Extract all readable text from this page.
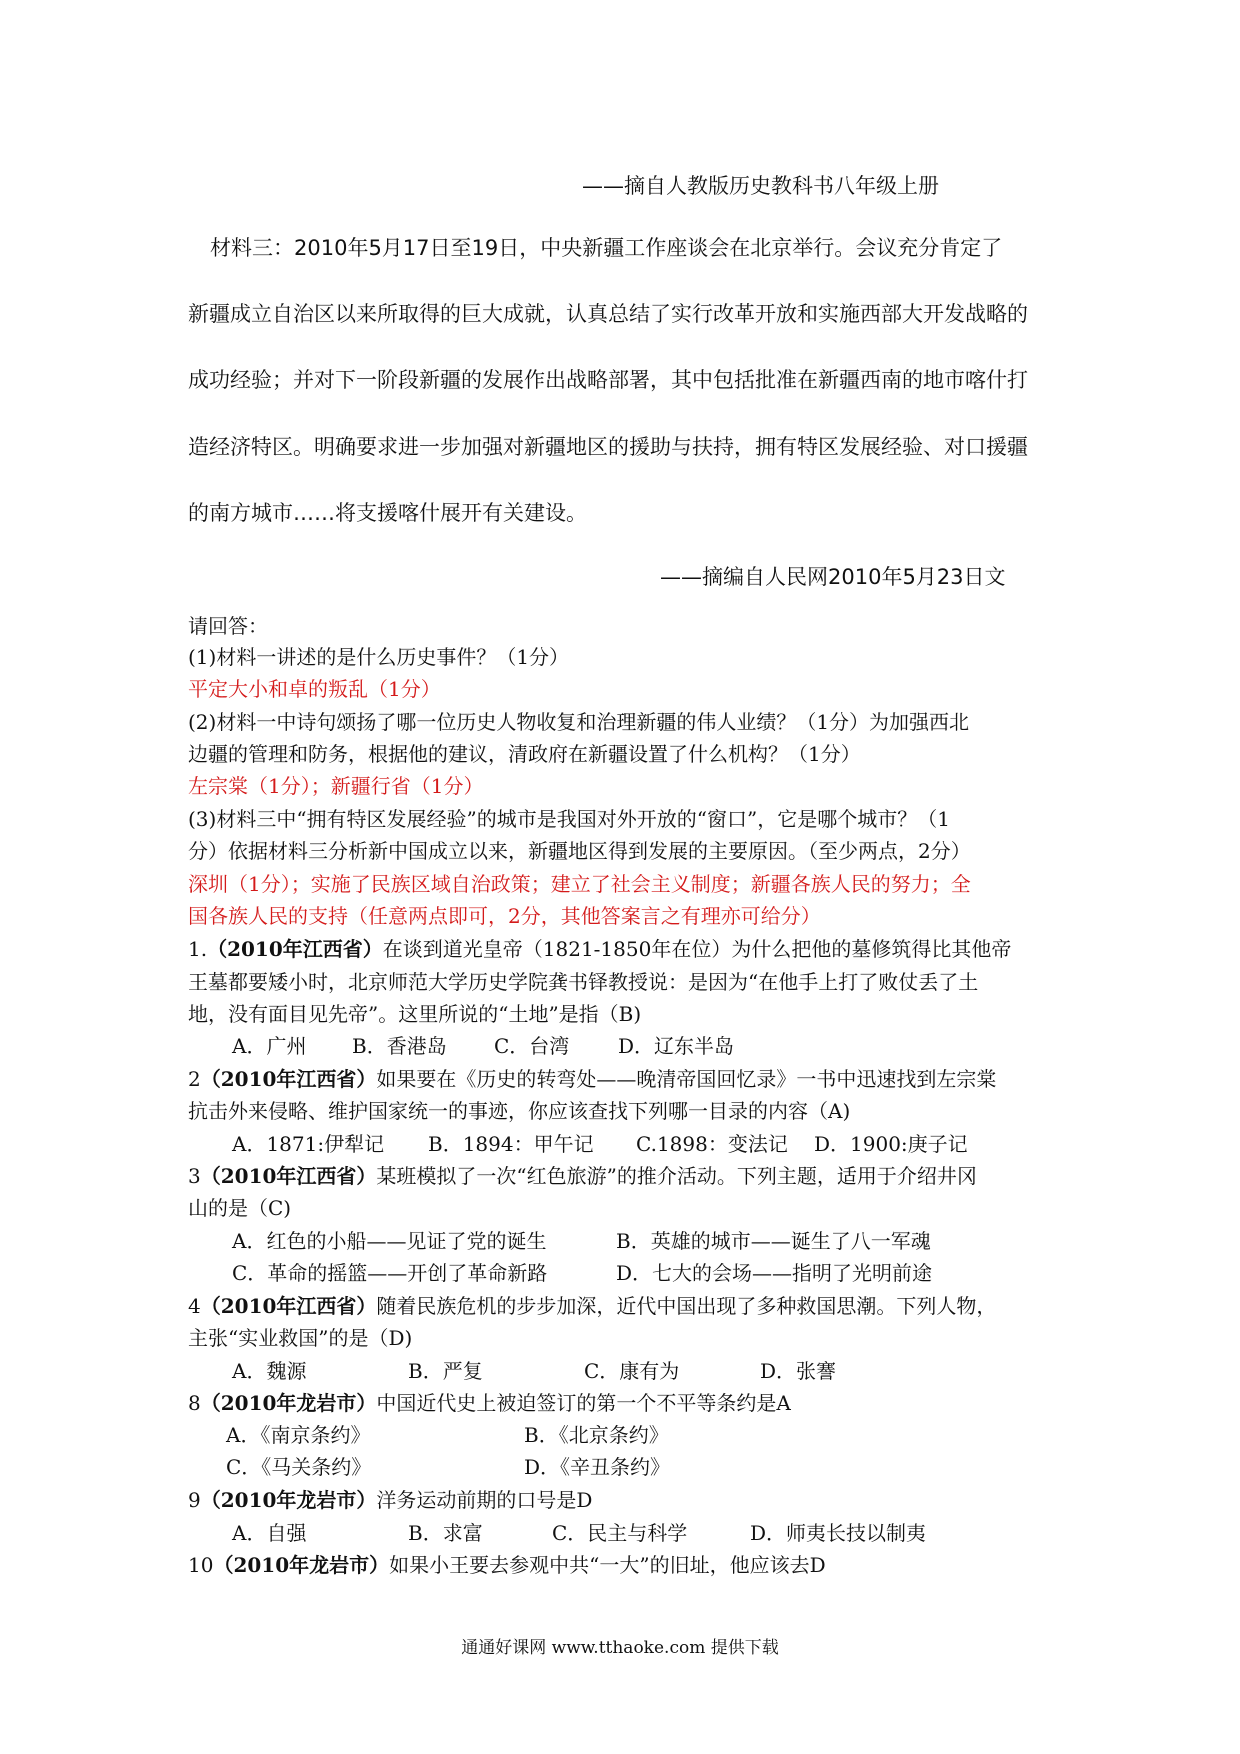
——摘自人教版历史教科书八年级上册
材料三：2010年5月17日至19日，中央新疆工作座谈会在北京举行。会议充分肯定了
新疆成立自治区以来所取得的巨大成就，认真总结了实行改革开放和实施西部大开发战略的
成功经验；并对下一阶段新疆的发展作出战略部署，其中包括批准在新疆西南的地市喀什打
造经济特区。明确要求进一步加强对新疆地区的援助与扶持，拥有特区发展经验、对口援疆
的南方城市……将支援喀什展开有关建设。
——摘编自人民网2010年5月23日文
请回答：
(1)材料一讲述的是什么历史事件？（1分）
平定大小和卓的叛乱（1分）
(2)材料一中诗句颂扬了哪一位历史人物收复和治理新疆的伟人业绩？（1分）为加强西北
边疆的管理和防务，根据他的建议，清政府在新疆设置了什么机构？（1分）
左宗棠（1分）；新疆行省（1分）
(3)材料三中“拥有特区发展经验”的城市是我国对外开放的“窗口”，它是哪个城市？（1
分）依据材料三分析新中国成立以来，新疆地区得到发展的主要原因。（至少两点，2分）
深圳（1分）；实施了民族区域自治政策；建立了社会主义制度；新疆各族人民的努力；全
国各族人民的支持（任意两点即可，2分，其他答案言之有理亦可给分）
1.（2010年江西省）在谈到道光皇帝（1821-1850年在位）为什么把他的墓修筑得比其他帝
王墓都要矮小时，北京师范大学历史学院龚书铎教授说：是因为“在他手上打了败仗丢了土
地，没有面目见先帝”。这里所说的“土地”是指（B)
A．广州 B．香港岛 C．台湾 D．辽东半岛
2（2010年江西省）如果要在《历史的转弯处——晚清帝国回忆录》一书中迅速找到左宗棠
抗击外来侵略、维护国家统一的事迹，你应该查找下列哪一目录的内容（A)
A．1871:伊犁记 B．1894：甲午记 C.1898：变法记 D．1900:庚子记
3（2010年江西省）某班模拟了一次“红色旅游”的推介活动。下列主题，适用于介绍井冈
山的是（C)
A．红色的小船——见证了党的诞生	B．英雄的城市——诞生了八一军魂
C．革命的摇篮——开创了革命新路	D．七大的会场——指明了光明前途
4（2010年江西省）随着民族危机的步步加深，近代中国出现了多种救国思潮。下列人物，
主张“实业救国”的是（D)
A．魏源	B．严复	C．康有为	D．张謇
8（2010年龙岩市）中国近代史上被迫签订的第一个不平等条约是A
A．《南京条约》	B．《北京条约》
C．《马关条约》	D．《辛丑条约》
9（2010年龙岩市）洋务运动前期的口号是D
A．自强	B．求富	C．民主与科学	D．师夷长技以制夷
10（2010年龙岩市）如果小王要去参观中共“一大”的旧址，他应该去D
通通好课网 www.tthaoke.com 提供下载
